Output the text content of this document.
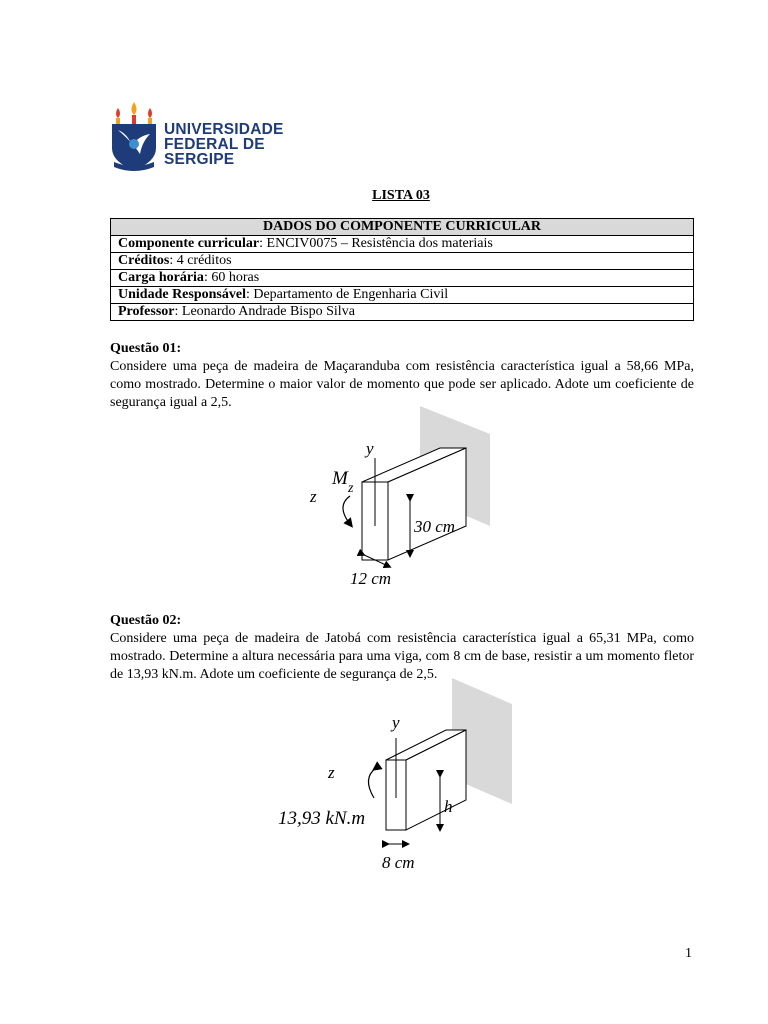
UNIVERSIDADE
FEDERAL DE
SERGIPE
LISTA 03
DADOS DO COMPONENTE CURRICULAR
Componente curricular: ENCIV0075 – Resistência dos materiais
Créditos: 4 créditos
Carga horária: 60 horas
Unidade Responsável: Departamento de Engenharia Civil
Professor: Leonardo Andrade Bispo Silva
Questão 01:
Considere uma peça de madeira de Maçaranduba com resistência característica igual a 58,66 MPa, como mostrado. Determine o maior valor de momento que pode ser aplicado. Adote um coeficiente de segurança igual a 2,5.
y
z
M z
30 cm
12 cm
Questão 02:
Considere uma peça de madeira de Jatobá com resistência característica igual a 65,31 MPa, como mostrado. Determine a altura necessária para uma viga, com 8 cm de base, resistir a um momento fletor de 13,93 kN.m. Adote um coeficiente de segurança de 2,5.
y
z
13,93 kN.m
h
8 cm
1
